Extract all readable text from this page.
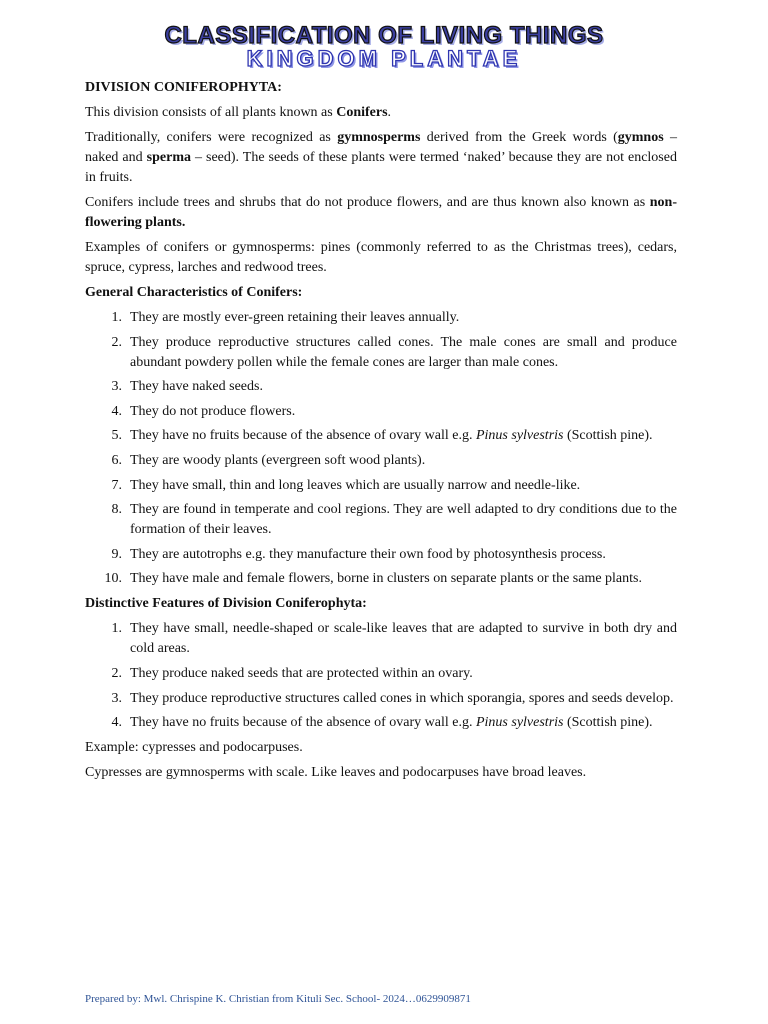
CLASSIFICATION OF LIVING THINGS
KINGDOM PLANTAE
DIVISION CONIFEROPHYTA:

This division consists of all plants known as Conifers.

Traditionally, conifers were recognized as gymnosperms derived from the Greek words (gymnos – naked and sperma – seed). The seeds of these plants were termed ‘naked’ because they are not enclosed in fruits.

Conifers include trees and shrubs that do not produce flowers, and are thus known also known as non-flowering plants.

Examples of conifers or gymnosperms: pines (commonly referred to as the Christmas trees), cedars, spruce, cypress, larches and redwood trees.

General Characteristics of Conifers:
1. They are mostly ever-green retaining their leaves annually.
2. They produce reproductive structures called cones. The male cones are small and produce abundant powdery pollen while the female cones are larger than male cones.
3. They have naked seeds.
4. They do not produce flowers.
5. They have no fruits because of the absence of ovary wall e.g. Pinus sylvestris (Scottish pine).
6. They are woody plants (evergreen soft wood plants).
7. They have small, thin and long leaves which are usually narrow and needle-like.
8. They are found in temperate and cool regions. They are well adapted to dry conditions due to the formation of their leaves.
9. They are autotrophs e.g. they manufacture their own food by photosynthesis process.
10. They have male and female flowers, borne in clusters on separate plants or the same plants.
Distinctive Features of Division Coniferophyta:
1. They have small, needle-shaped or scale-like leaves that are adapted to survive in both dry and cold areas.
2. They produce naked seeds that are protected within an ovary.
3. They produce reproductive structures called cones in which sporangia, spores and seeds develop.
4. They have no fruits because of the absence of ovary wall e.g. Pinus sylvestris (Scottish pine).

Example: cypresses and podocarpuses.

Cypresses are gymnosperms with scale. Like leaves and podocarpuses have broad leaves.

Prepared by: Mwl. Chrispine K. Christian from Kituli Sec. School- 2024…0629909871
